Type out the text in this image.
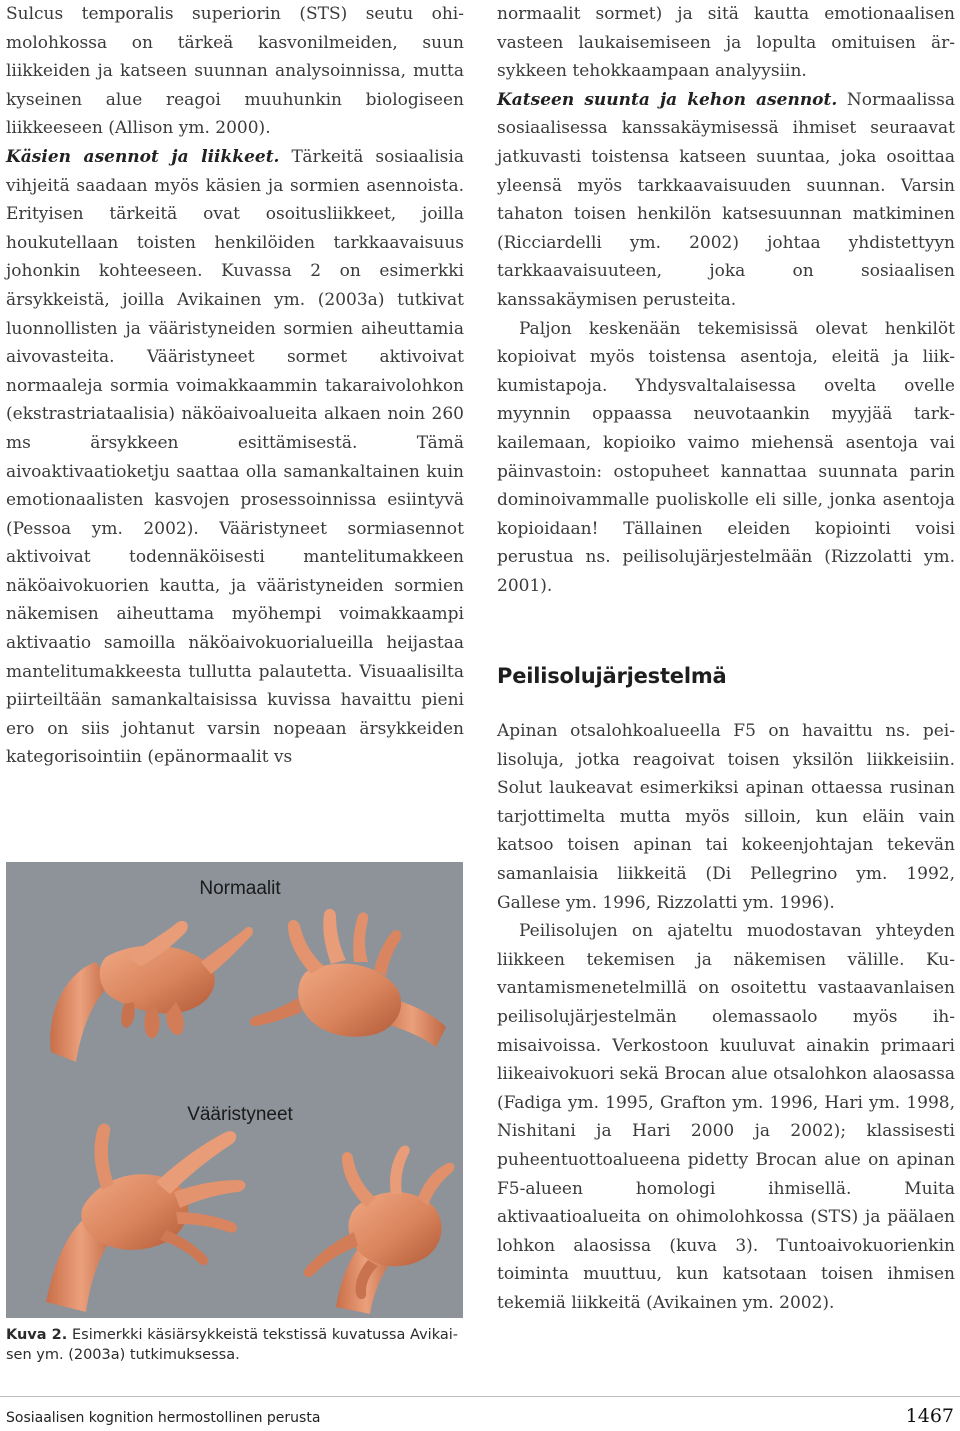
Sulcus temporalis superiorin (STS) seutu ohimolohkossa on tärkeä kasvonilmeiden, suun liikkeiden ja katseen suunnan analysoinnissa, mutta kyseinen alue reagoi muuhunkin biologiseen liikkeeseen (Allison ym. 2000).

Käsien asennot ja liikkeet. Tärkeitä sosiaalisia vihjeitä saadaan myös käsien ja sormien asennoista. Erityisen tärkeitä ovat osoitusliikkeet, joilla houkutellaan toisten henkilöiden tarkkaavaisuus johonkin kohteeseen. Kuvassa 2 on esimerkki ärsykkeistä, joilla Avikainen ym. (2003a) tutkivat luonnollisten ja vääristyneiden sormien aiheuttamia aivovasteita. Vääristyneet sormet aktivoivat normaaleja sormia voimakkaammin takaraivolohkon (ekstrastriataalisia) näköaivoalueita alkaen noin 260 ms ärsykkeen esittämisestä. Tämä aivoaktivaatioketju saattaa olla samankaltainen kuin emotionaalisten kasvojen prosessoinnissa esiintyvä (Pessoa ym. 2002). Vääristyneet sormiasennot aktivoivat todennäköisesti mantelitumakkeen näköaivokuorien kautta, ja vääristyneiden sormien näkemisen aiheuttama myöhempi voimakkaampi aktivaatio samoilla näköaivokuorialueilla heijastaa mantelitumakkeesta tullutta palautetta. Visuaalisilta piirteiltään samankaltaisissa kuvissa havaittu pieni ero on siis johtanut varsin nopeaan ärsykkeiden kategorisointiin (epänormaalit vs

Normaalit
Vääristyneet
Kuva 2. Esimerkki käsiärsykkeistä tekstissä kuvatussa Avikai-sen ym. (2003a) tutkimuksessa.

normaalit sormet) ja sitä kautta emotionaalisen vasteen laukaisemiseen ja lopulta omituisen ärsykkeen tehokkaampaan analyysiin.

Katseen suunta ja kehon asennot. Normaalissa sosiaalisessa kanssakäymisessä ihmiset seuraavat jatkuvasti toistensa katseen suuntaa, joka osoittaa yleensä myös tarkkaavaisuuden suunnan. Varsin tahaton toisen henkilön katsesuunnan matkiminen (Ricciardelli ym. 2002) johtaa yhdistettyyn tarkkaavaisuuteen, joka on sosiaalisen kanssakäymisen perusteita.

Paljon keskenään tekemisissä olevat henkilöt kopioivat myös toistensa asentoja, eleitä ja liikkumistapoja. Yhdysvaltalaisessa ovelta ovelle myynnin oppaassa neuvotaankin myyjää tarkkailemaan, kopioiko vaimo miehensä asentoja vai päinvastoin: ostopuheet kannattaa suunnata parin dominoivammalle puoliskolle eli sille, jonka asentoja kopioidaan! Tällainen eleiden kopiointi voisi perustua ns. peilisolujärjestelmään (Rizzolatti ym. 2001).

Peilisolujärjestelmä

Apinan otsalohkoalueella F5 on havaittu ns. peilisoluja, jotka reagoivat toisen yksilön liikkeisiin. Solut laukeavat esimerkiksi apinan ottaessa rusinan tarjottimelta mutta myös silloin, kun eläin vain katsoo toisen apinan tai kokeenjohtajan tekevän samanlaisia liikkeitä (Di Pellegrino ym. 1992, Gallese ym. 1996, Rizzolatti ym. 1996).

Peilisolujen on ajateltu muodostavan yhteyden liikkeen tekemisen ja näkemisen välille. Kuvantamismenetelmillä on osoitettu vastaavanlaisen peilisolujärjestelmän olemassaolo myös ihmisaivoissa. Verkostoon kuuluvat ainakin primaari liikeaivokuori sekä Brocan alue otsalohkon alaosassa (Fadiga ym. 1995, Grafton ym. 1996, Hari ym. 1998, Nishitani ja Hari 2000 ja 2002); klassisesti puheentuottoalueena pidetty Brocan alue on apinan F5-alueen homologi ihmisellä. Muita aktivaatioalueita on ohimolohkossa (STS) ja päälaen lohkon alaosissa (kuva 3). Tuntoaivokuorienkin toiminta muuttuu, kun katsotaan toisen ihmisen tekemiä liikkeitä (Avikainen ym. 2002).

Sosiaalisen kognition hermostollinen perusta	1467
